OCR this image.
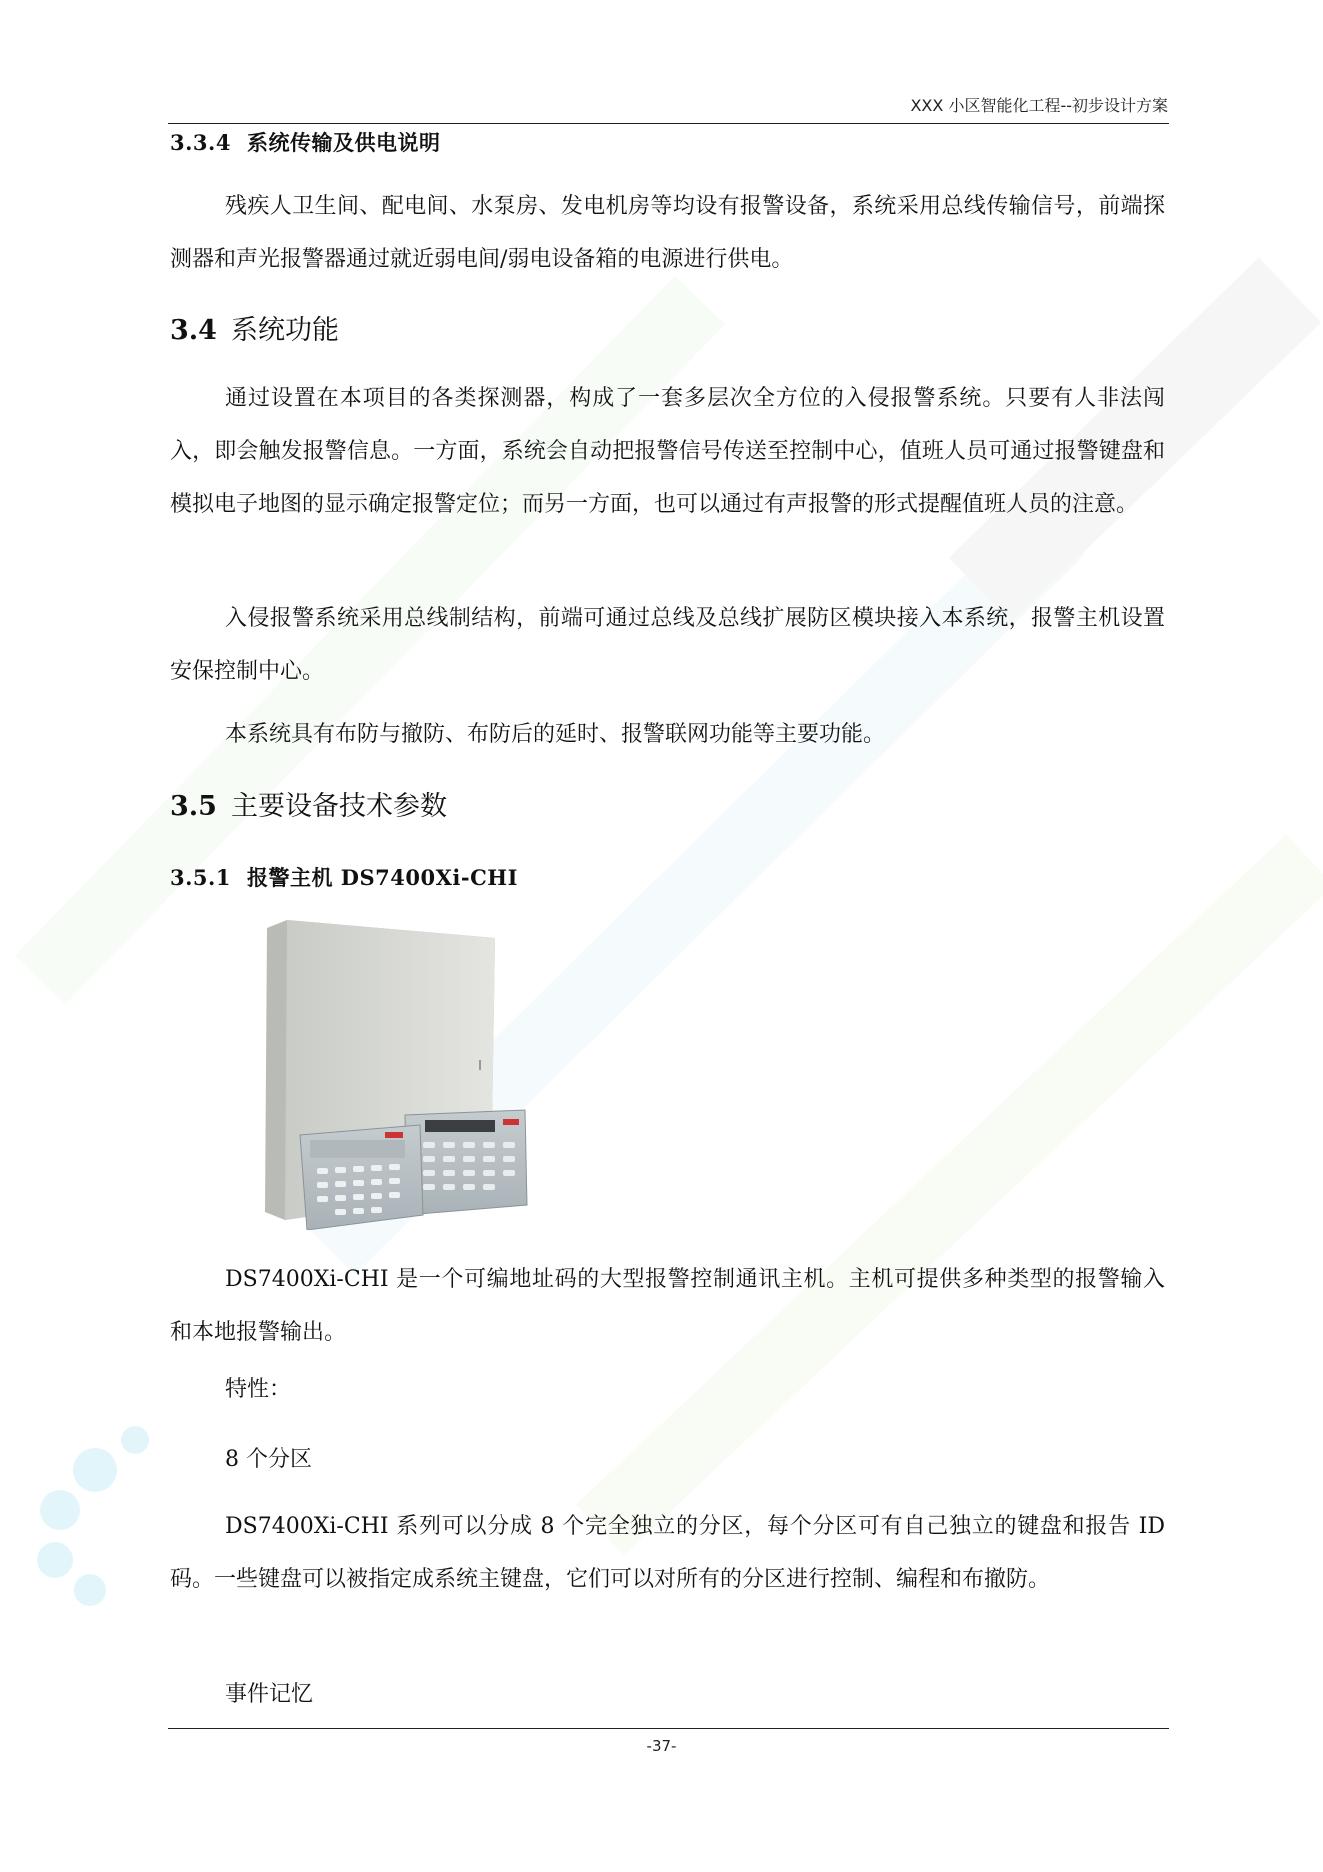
XXX 小区智能化工程--初步设计方案
3.3.4 系统传输及供电说明
残疾人卫生间、配电间、水泵房、发电机房等均设有报警设备，系统采用总线传输信号，前端探测器和声光报警器通过就近弱电间/弱电设备箱的电源进行供电。
3.4 系统功能
通过设置在本项目的各类探测器，构成了一套多层次全方位的入侵报警系统。只要有人非法闯入，即会触发报警信息。一方面，系统会自动把报警信号传送至控制中心，值班人员可通过报警键盘和模拟电子地图的显示确定报警定位；而另一方面，也可以通过有声报警的形式提醒值班人员的注意。
入侵报警系统采用总线制结构，前端可通过总线及总线扩展防区模块接入本系统，报警主机设置安保控制中心。
本系统具有布防与撤防、布防后的延时、报警联网功能等主要功能。
3.5 主要设备技术参数
3.5.1 报警主机 DS7400Xi-CHI
DS7400Xi-CHI 是一个可编地址码的大型报警控制通讯主机。主机可提供多种类型的报警输入和本地报警输出。
特性：
8 个分区
DS7400Xi-CHI 系列可以分成 8 个完全独立的分区，每个分区可有自己独立的键盘和报告 ID 码。一些键盘可以被指定成系统主键盘，它们可以对所有的分区进行控制、编程和布撤防。
事件记忆
-37-
